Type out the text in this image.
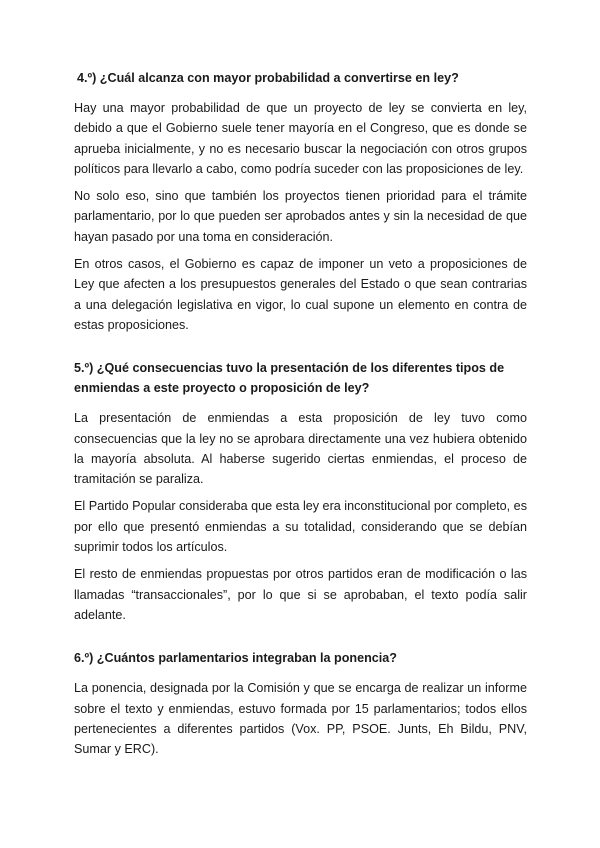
4.º) ¿Cuál alcanza con mayor probabilidad a convertirse en ley?

Hay una mayor probabilidad de que un proyecto de ley se convierta en ley, debido a que el Gobierno suele tener mayoría en el Congreso, que es donde se aprueba inicialmente, y no es necesario buscar la negociación con otros grupos políticos para llevarlo a cabo, como podría suceder con las proposiciones de ley.

No solo eso, sino que también los proyectos tienen prioridad para el trámite parlamentario, por lo que pueden ser aprobados antes y sin la necesidad de que hayan pasado por una toma en consideración.

En otros casos, el Gobierno es capaz de imponer un veto a proposiciones de Ley que afecten a los presupuestos generales del Estado o que sean contrarias a una delegación legislativa en vigor, lo cual supone un elemento en contra de estas proposiciones.

5.º) ¿Qué consecuencias tuvo la presentación de los diferentes tipos de enmiendas a este proyecto o proposición de ley?

La presentación de enmiendas a esta proposición de ley tuvo como consecuencias que la ley no se aprobara directamente una vez hubiera obtenido la mayoría absoluta. Al haberse sugerido ciertas enmiendas, el proceso de tramitación se paraliza.

El Partido Popular consideraba que esta ley era inconstitucional por completo, es por ello que presentó enmiendas a su totalidad, considerando que se debían suprimir todos los artículos.

El resto de enmiendas propuestas por otros partidos eran de modificación o las llamadas “transaccionales”, por lo que si se aprobaban, el texto podía salir adelante.

6.º) ¿Cuántos parlamentarios integraban la ponencia?

La ponencia, designada por la Comisión y que se encarga de realizar un informe sobre el texto y enmiendas, estuvo formada por 15 parlamentarios; todos ellos pertenecientes a diferentes partidos (Vox. PP, PSOE. Junts, Eh Bildu, PNV, Sumar y ERC).
